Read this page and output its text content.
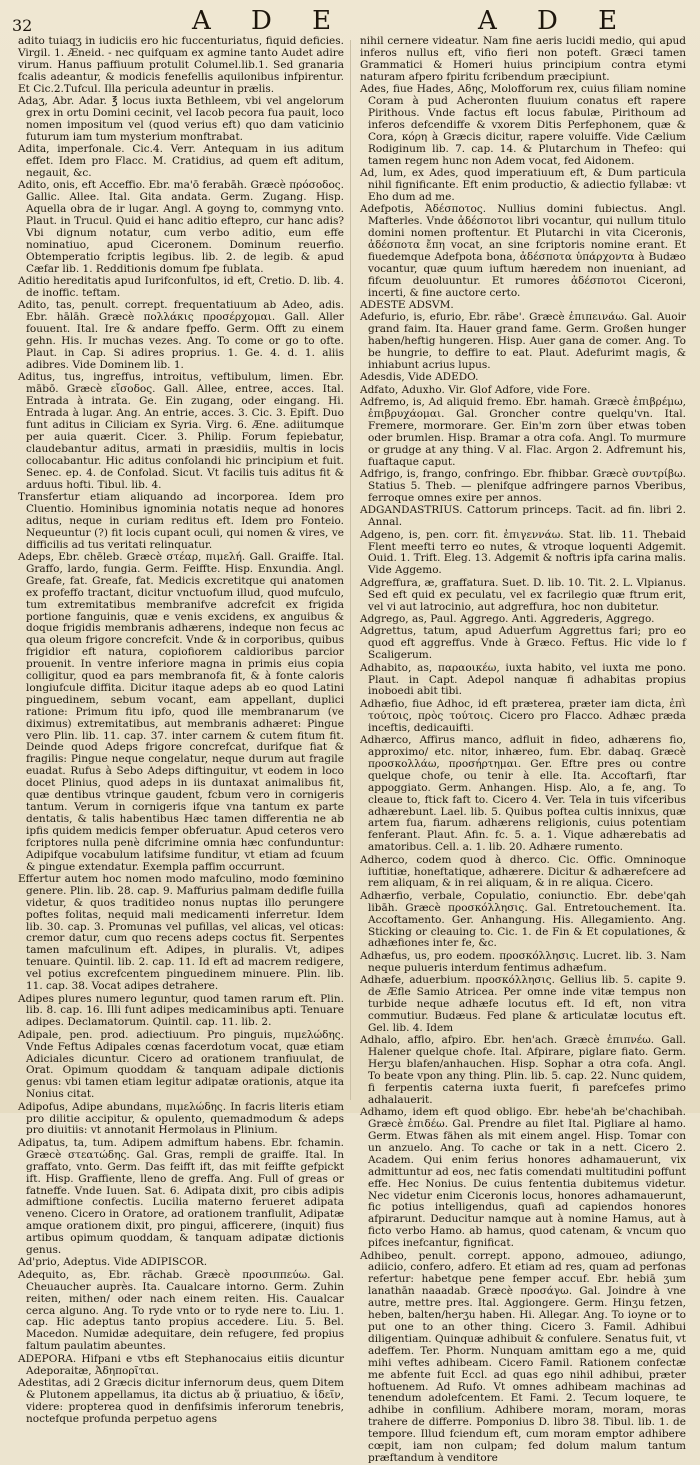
32	A D E	A D E

adito tuiaqʒ in iudiciis ero hic fuccenturiatus, fiquid deficies. Virgil. 1. Æneid. - nec quifquam ex agmine tanto Audet adire virum. Hanus paffiuum protulit Columel.lib.1. Sed granaria fcalis adeantur, & modicis fenefellis aquilonibus infpirentur. Et Cic.2.Tufcul. Illa pericula adeuntur in prælis.

Adaʒ, Abr. Adar. ℥ locus iuxta Bethleem, vbi vel angelorum grex in ortu Domini cecinit, vel Iacob pecora fua pauit, loco nomen impositum vel (quod verius eft) quo dam vaticinio futurum iam tum mysterium monftrabat.

Adita, imperfonale. Cic.4. Verr. Antequam in ius aditum effet. Idem pro Flacc. M. Cratidius, ad quem eft aditum, negauit, &c.

Adito, onis, eft Acceffio. Ebr. ma'ō ferabāh. Græcè πρόσοδος. Gallic. Allee. Ital. Gita andata. Germ. Zugang. Hisp. Aquella obra de ir lugar. Angl. A goyng to, commyng vnto. Plaut. in Trucul. Quid ei hanc aditio eftepro, cur hanc adis? Vbi dignum notatur, cum verbo aditio, eum effe nominatiuo, apud Ciceronem. Dominum reuerfio. Obtemperatio fcriptis legibus. lib. 2. de legib. & apud Cæfar lib. 1. Redditionis domum fpe fublata.

Aditio hereditatis apud Iurifconfultos, id eft, Cretio. D. lib. 4. de inoffic. teftam.

Adito, tas, penult. corrept. frequentatiuum ab Adeo, adis. Ebr. hālāh. Græcè πολλάκις προσέρχομαι. Gall. Aller fouuent. Ital. Ire & andare fpeffo. Germ. Offt zu einem gehn. His. Ir muchas vezes. Ang. To come or go to ofte. Plaut. in Cap. Si adires proprius. 1. Ge. 4. d. 1. aliis adibres. Vide Dominem lib. 1.

Aditus, tus, ingreffus, introitus, veftibulum, limen. Ebr. mābō. Græcè εἴσοδος. Gall. Allee, entree, acces. Ital. Entrada à intrata. Ge. Ein zugang, oder eingang. Hi. Entrada à lugar. Ang. An entrie, acces. 3. Cic. 3. Epift. Duo funt aditus in Ciliciam ex Syria. Virg. 6. Æne. adiitumque per auia quærit. Cicer. 3. Philip. Forum fepiebatur, claudebantur aditus, armati in præsidiis, multis in locis collocabantur. Hic aditus confolandi hic principium et fuit. Senec. ep. 4. de Confolad. Sicut. Vt facilis tuis aditus fit & arduus hofti. Tibul. lib. 4.

Transfertur etiam aliquando ad incorporea. Idem pro Cluentio. Hominibus ignominia notatis neque ad honores aditus, neque in curiam reditus eft. Idem pro Fonteio. Nequeuntur (?) fit locis cupant oculi, qui nomen & vires, ve difficilis ad tus veritati relinquatur.

Adeps, Ebr. chēleb. Græcè στέαρ, πιμελή. Gall. Graiffe. Ital. Graffo, lardo, fungia. Germ. Feiffte. Hisp. Enxundia. Angl. Greafe, fat. Greafe, fat. Medicis excretitque qui anatomen ex profeffo tractant, dicitur vnctuofum illud, quod mufculo, tum extremitatibus membranifve adcrefcit ex frigida portione fanguinis, quæ e venis excidens, ex anguibus & doque frigidis membranis adhærens, indeque non fecus ac qua oleum frigore concrefcit. Vnde & in corporibus, quibus frigidior eft natura, copiofiorem caldioribus parcior prouenit. In ventre inferiore magna in primis eius copia colligitur, quod ea pars membranofa fit, & à fonte caloris longiufcule diffita. Dicitur itaque adeps ab eo quod Latini pinguedinem, sebum vocant, eam appellant, duplici ratione: Primum fitu ipfo, quod ille membranarum (ve diximus) extremitatibus, aut membranis adhæret: Pingue vero Plin. lib. 11. cap. 37. inter carnem & cutem fitum fit. Deinde quod Adeps frigore concrefcat, durifque fiat & fragilis: Pingue neque congelatur, neque durum aut fragile euadat. Rufus à Sebo Adeps diftinguitur, vt eodem in loco docet Plinius, quod adeps in iis duntaxat animalibus fit, quæ dentibus vtrinque gaudent, fcbum vero in cornigeris tantum. Verum in cornigeris ifque vna tantum ex parte dentatis, & talis habentibus Hæc tamen differentia ne ab ipfis quidem medicis femper obferuatur. Apud ceteros vero fcriptores nulla penè difcrimine omnia hæc confunduntur: Adipifque vocabulum latifsime funditur, vt etiam ad fcuum & pingue extendatur. Exempla paffim occurrunt.

Effertur autem hoc nomen modo mafculino, modo fœminino genere. Plin. lib. 28. cap. 9. Maffurius palmam dedifle fuilla videtur, & quos traditideo nonus nuptas illo perungere poftes folitas, nequid mali medicamenti inferretur. Idem lib. 30. cap. 3. Promunas vel pufillas, vel alicas, vel oticas: cremor datur, cum quo recens adeps coctus fit. Serpentes tamen mafculinum eft. Adipes, in pluralis. Vt, adipes tenuare. Quintil. lib. 2. cap. 11. Id eft ad macrem redigere, vel potius excrefcentem pinguedinem minuere. Plin. lib. 11. cap. 38. Vocat adipes detrahere.

Adipes plures numero leguntur, quod tamen rarum eft. Plin. lib. 8. cap. 16. Illi funt adipes medicaminibus apti. Tenuare adipes. Declamatorum. Quintil. cap. 11. lib. 2.

Adipale, pen. prod. adiectiuum. Pro pinguis, πιμελώδης. Vnde Feftus Adipales cœnas facerdotum vocat, quæ etiam Adiciales dicuntur. Cicero ad orationem tranfiuulat, de Orat. Opimum quoddam & tanquam adipale dictionis genus: vbi tamen etiam legitur adipatæ orationis, atque ita Nonius citat.

Adipofus, Adipe abundans, πιμελώδης. In facris literis etiam pro dilitie accipitur, & opulento, quemadmodum & adeps pro diuitiis: vt annotanit Hermolaus in Plinium.

Adipatus, ta, tum. Adipem admiftum habens. Ebr. fchamin. Græcè στεατώδης. Gal. Gras, rempli de graiffe. Ital. In graffato, vnto. Germ. Das feifft ift, das mit feiffte gefpickt ift. Hisp. Graffiente, lleno de greffa. Ang. Full of greas or fatneffe. Vnde Iuuen. Sat. 6. Adipata dixit, pro cibis adipis admiftione confectis. Lucilia materno ferueret adipata veneno. Cicero in Oratore, ad orationem tranflulit, Adipatæ amque orationem dixit, pro pingui, afficerere, (inquit) fius artibus opimum quoddam, & tanquam adipatæ dictionis genus.

Ad'prio, Adeptus. Vide ADIPISCOR.

Adequito, as, Ebr. rāchab. Græcè προσιππεύω. Gal. Cheuaucher auprès. Ita. Caualcare intorno. Germ. Zuhin reiten, mithen/ oder nach einem reiten. His. Caualcar cerca alguno. Ang. To ryde vnto or to ryde nere to. Liu. 1. cap. Hic adeptus tanto propius accedere. Liu. 5. Bel. Macedon. Numidæ adequitare, dein refugere, fed propius faltum paulatim abeuntes.

ADEPORA. Hifpani e vtbs eft Stephanocaius eitiis dicuntur Adeporaitæ, Ἀδηπορῖται.

Adestitas, adi 2 Græcis dicitur infernorum deus, quem Ditem & Plutonem appellamus, ita dictus ab ᾅ priuatiuo, & ἰδεῖν, videre: propterea quod in denfifsimis inferorum tenebris, noctefque profunda perpetuo agens

nihil cernere videatur. Nam fine aeris lucidi medio, qui apud inferos nullus eft, vifio fieri non poteft. Græci tamen Grammatici & Homeri huius principium contra etymi naturam afpero fpiritu fcribendum præcipiunt.

Ades, fiue Hades, Αδης, Molofforum rex, cuius filiam nomine Coram à pud Acheronten fluuium conatus eft rapere Pirithous. Vnde factus eft locus fabulæ, Pirithoum ad inferos defcendiffe & vxorem Ditis Perfephonem, quæ & Cora, κόρη à Græcis dicitur, rapere voluiffe. Vide Cælium Rodiginum lib. 7. cap. 14. & Plutarchum in Thefeo: qui tamen regem hunc non Adem vocat, fed Aidonem.

Ad, lum, ex Ades, quod imperatiuum eft, & Dum particula nihil fignificante. Eft enim productio, & adiectio fyllabæ: vt Eho dum ad me.

Adefpotis, Ἀδέσποτος. Nullius domini fubiectus. Angl. Mafterles. Vnde ἀδέσποτοι libri vocantur, qui nullum titulo domini nomen proftentur. Et Plutarchi in vita Ciceronis, ἀδέσποτα ἔπη vocat, an sine fcriptoris nomine erant. Et fiuedemque Adefpota bona, ἀδέσποτα ὑπάρχοντα à Budæo vocantur, quæ quum iuftum hæredem non inueniant, ad fifcum deuoluuntur. Et rumores ἀδέσποτοι Ciceroni, incerti, & fine auctore certo.

ADESTE ADSVM.

Adefurio, is, efurio, Ebr. rābe'. Græcè ἐπιπεινάω. Gal. Auoir grand faim. Ita. Hauer grand fame. Germ. Großen hunger haben/heftig hungeren. Hisp. Auer gana de comer. Ang. To be hungrie, to deffire to eat. Plaut. Adefurimt magis, & inhiabunt acrius lupus.

Adesdis, Vide ADEDO.

Adfato, Aduxho. Vir. Glof Adfore, vide Fore.

Adfremo, is, Ad aliquid fremo. Ebr. hamah. Græcè ἐπιβρέμω, ἐπιβρυχάομαι. Gal. Groncher contre quelqu'vn. Ital. Fremere, mormorare. Ger. Ein'm zorn über etwas toben oder brumlen. Hisp. Bramar a otra cofa. Angl. To murmure or grudge at any thing. V al. Flac. Argon 2. Adfremunt his, fuaftaque caput.

Adfrigo, is, frango, confringo. Ebr. fhibbar. Græcè συντρίβω. Statius 5. Theb. — plenifque adfringere parnos Vberibus, ferroque omnes exire per annos.

ADGANDASTRIUS. Cattorum princeps. Tacit. ad fin. libri 2. Annal.

Adgeno, is, pen. corr. fit. ἐπιγεννάω. Stat. lib. 11. Thebaid Flent meefti terro eo nutes, & vtroque loquenti Adgemit. Ouid. 1. Trift. Eleg. 13. Adgemit & noftris ipfa carina malis. Vide Aggemo.

Adgreffura, æ, graffatura. Suet. D. lib. 10. Tit. 2. L. Vlpianus. Sed eft quid ex peculatu, vel ex facrilegio quæ ftrum erit, vel vi aut latrocinio, aut adgreffura, hoc non dubitetur.

Adgrego, as, Paul. Aggrego. Anti. Aggrederis, Aggrego.

Adgrettus, tatum, apud Aduerfum Aggrettus fari; pro eo quod eft aggreffus. Vnde à Græco. Feftus. Hic vide lo f Scaligerum.

Adhabito, as, παραοικέω, iuxta habito, vel iuxta me pono. Plaut. in Capt. Adepol nanquæ fi adhabitas propius inoboedi abit tibi.

Adhæfio, fiue Adhoc, id eft præterea, præter iam dicta, ἐπὶ τούτοις, πρὸς τούτοις. Cicero pro Flacco. Adhæc præda inceftis, dedicauifti.

Adhærco, Affirus manco, adfluit in fideo, adhærens fio, approximo/ etc. nitor, inhæreo, fum. Ebr. dabaq. Græcè προσκολλάω, προσήρτημαι. Ger. Eftre pres ou contre quelque chofe, ou tenir à elle. Ita. Accoftarfi, ftar appoggiato. Germ. Anhangen. Hisp. Alo, a fe, ang. To cleaue to, ftick faft to. Cicero 4. Ver. Tela in tuis vifceribus adhærebunt. Lael. lib. 5. Quibus poftea cultis innixus, quæ artem fua, fiarum. adhærens religionis, cuius potentiam fenferant. Plaut. Afin. fc. 5. a. 1. Vique adhærebatis ad amatoribus. Cell. a. 1. lib. 20. Adhære rumento.

Adherco, codem quod à dherco. Cic. Offic. Omninoque iuftitiæ, honeftatique, adhærere. Dicitur & adhærefcere ad rem aliquam, & in rei aliquam, & in re aliqua. Cicero.

Adhærfio, verbale, Copulatio, coniunctio. Ebr. debe'qah libāh. Græcè προσκόλλησις. Gal. Entretouchement. Ita. Accoftamento. Ger. Anhangung. His. Allegamiento. Ang. Sticking or cleauing to. Cic. 1. de Fin & Et copulationes, & adhæfiones inter fe, &c.

Adhæfus, us, pro eodem. προσκόλλησις. Lucret. lib. 3. Nam neque pulueris interdum fentimus adhæfum.

Adhæfe, aduerbium. προσκόλλησις. Gellius lib. 5. capite 9. de Æfle Samio Atricea. Per omne inde vitæ tempus non turbide neque adhæfe locutus eft. Id eft, non vitra commutiur. Budæus. Fed plane & articulatæ locutus eft. Gel. lib. 4. Idem

Adhalo, afflo, afpiro. Ebr. hen'ach. Græcè ἐπιπνέω. Gall. Halener quelque chofe. Ital. Afpirare, piglare fiato. Germ. Herʒu blafen/anhauchen. Hisp. Sophar a otra cofa. Angl. To beate vpon any thing. Plin. lib. 5. cap. 22. Nunc quidem, fi ferpentis caterna iuxta fuerit, fi parefcefes primo adhalauerit.

Adhamo, idem eft quod obligo. Ebr. hebe'ah be'chachibah. Græcè ἐπιδέω. Gal. Prendre au filet Ital. Pigliare al hamo. Germ. Etwas fähen als mit einem angel. Hisp. Tomar con un anzuelo. Ang. To cache or tak in a nett. Cicero 2. Academ. Qui enim ferius honores adhamauerunt, vix admittuntur ad eos, nec fatis comendati multitudini poffunt effe. Hec Nonius. De cuius fententia dubitemus videtur. Nec videtur enim Ciceronis locus, honores adhamauerunt, fic potius intelligendus, quafi ad capiendos honores afpirarunt. Deducitur namque aut à nomine Hamus, aut à ficto verbo Hamo. ab hamus, quod catenam, & vncum quo pifces inefcantur, fignificat.

Adhibeo, penult. corrept. appono, admoueo, adiungo, adiicio, confero, adfero. Et etiam ad res, quam ad perfonas refertur: habetque pene femper accuf. Ebr. hebiā ʒum lanathān naaadab. Græcè προσάγω. Gal. Joindre à vne autre, mettre pres. Ital. Aggiongere. Germ. Hinʒu fetzen, heben, balten/herʒu haben. Hi. Allegar. Ang. To ioyne or to put one to an other thing. Cicero 3. Famil. Adhibui diligentiam. Quinquæ adhibuit & confulere. Senatus fuit, vt adeffem. Ter. Phorm. Nunquam amittam ego a me, quid mihi veftes adhibeam. Cicero Famil. Rationem confectæ me abfente fuit Eccl. ad quas ego nihil adhibui, præter hoftuenem. Ad Rufo. Vt omnes adhibeam machinas ad tenendum adolefcentem. Et Fami. 2. Tecum loquere, te adhibe in confilium. Adhibere moram, moram, moras trahere de differre. Pomponius D. libro 38. Tibul. lib. 1. de tempore. Illud fciendum eft, cum moram emptor adhibere cœpit, iam non culpam; fed dolum malum tantum præftandum à venditore
